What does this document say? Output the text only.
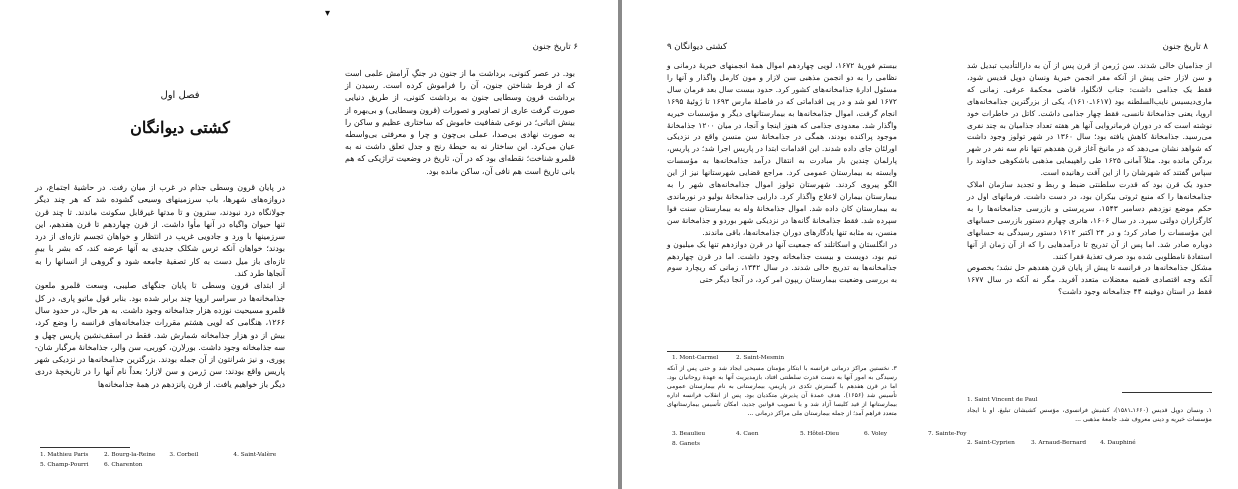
۶ تاریخ جنون
▾
بود. در عصر کنونی، برداشت ما از جنون در جنگِ آرامش علمی است که از فرط شناختن جنون، آن را فراموش کرده است. رسیدن از برداشت قرون وسطایی جنون به برداشت کنونی، از طریق دنیایی صورت گرفت عاری از تصاویر و تصورات (قرون وسطایی) و بی‌بهره از بینش اثباتی؛ در نوعی شفافیت خاموش که ساختاری عظیم و ساکن را به صورت نهادی بی‌صدا، عملی بی‌چون و چرا و معرفتی بی‌واسطه عیان می‌کرد. این ساختار نه به حیطهٔ رنج و جدل تعلق داشت نه به قلمرو شناخت؛ نقطه‌ای بود که در آن، تاریخ در وضعیت تراژیکی که هم بانی تاریخ است هم نافی آن، ساکن مانده بود.
فصل اول
کشتی دیوانگان
در پایان قرون وسطی جذام در غرب از میان رفت. در حاشیهٔ اجتماع، در دروازه‌های شهرها، باب سرزمینهای وسیعی گشوده شد که هر چند دیگر جولانگاه درد نبودند، سترون و تا مدتها غیرقابل سکونت ماندند. تا چند قرن تنها حیوان واگیاه در آنها مأوا داشت. از قرن چهاردهم تا قرن هفدهم، این سرزمینها با ورد و جادویی غریب در انتظار و خواهان تجسم تازه‌ای از درد بودند؛ خواهان آنکه ترس شکلک جدیدی به آنها عرضه کند، که بشر با بیمِ تازه‌ای باز میل دست به کار تصفیهٔ جامعه شود و گروهی از انسانها را به آنجاها طرد کند.
از ابتدای قرون وسطی تا پایان جنگهای صلیبی، وسعت قلمرو ملعون جذامخانه‌ها در سراسر اروپا چند برابر شده بود. بنابر قول ماتیو پاری، در کل قلمرو مسیحیت نوزده هزار جذامخانه وجود داشت. به هر حال، در حدود سال ۱۲۶۶، هنگامی که لویی هشتم مقررات جذامخانه‌های فرانسه را وضع کرد، بیش از دو هزار جذامخانه شمارش شد. فقط در اسقف‌نشین پاریس چهل و سه جذامخانه وجود داشت. بورلارن، کوربی، سن والر، جذامخانهٔ مرگبار شان-پوری، و نیز شرانتون از آن جمله بودند. بزرگترین جذامخانه‌ها در نزدیکی شهر پاریس واقع بودند: سن ژرمن و سن لازار؛ بعداً نام آنها را در تاریخچهٔ دردی دیگر باز خواهیم یافت. از قرن پانزدهم در همهٔ جذامخانه‌ها
1. Mathieu Paris	2. Bourg-la-Reine 3. Corbeil	4. Saint-Valère
5. Champ-Pourri	6. Charenton
کشتی دیوانگان ۹	۸ تاریخ جنون
بیستم فوریهٔ ۱۶۷۲، لویی چهاردهم اموال همهٔ انجمنهای خیریهٔ درمانی و نظامی را به دو انجمن مذهبی سن لازار و مون کارمل واگذار و آنها را مسئول ادارهٔ جذامخانه‌های کشور کرد. حدود بیست سال بعد فرمان سال ۱۶۷۲ لغو شد و در پی اقداماتی که در فاصلهٔ مارس ۱۶۹۳ تا ژوئیهٔ ۱۶۹۵ انجام گرفت، اموال جذامخانه‌ها به بیمارستانهای دیگر و مؤسسات خیریه واگذار شد. معدودی جذامی که هنوز اینجا و آنجا، در میان ۱۲۰۰ جذامخانهٔ موجود پراکنده بودند، همگی در جذامخانهٔ سن منسن واقع در نزدیکی اورلئان جای داده شدند. این اقدامات ابتدا در پاریس اجرا شد؛ در پاریس، پارلمان چندین بار مبادرت به انتقال درآمد جذامخانه‌ها به مؤسسات وابسته به بیمارستان عمومی کرد. مراجع قضایی شهرستانها نیز از این الگو پیروی کردند. شهرستان تولوز اموال جذامخانه‌های شهر را به بیمارستان بیماران لاعلاج واگذار کرد. دارایی جذامخانهٔ بولیو در نورماندی به بیمارستان کان داده شد. اموال جذامخانهٔ وله به بیمارستان سنت فوا سپرده شد. فقط جذامخانهٔ گانه‌ها در نزدیکی شهر بوردو و جذامخانهٔ سن منسن، به مثابه تنها یادگارهای دوران جذامخانه‌ها، باقی ماندند.
در انگلستان و اسکاتلند که جمعیت آنها در قرن دوازدهم تنها یک میلیون و نیم بود، دویست و بیست جذامخانه وجود داشت. اما در قرن چهاردهم جذامخانه‌ها به تدریج خالی شدند. در سال ۱۳۴۲، زمانی که ریچارد سوم به بررسی وضعیت بیمارستان ریپون امر کرد، در آنجا دیگر حتی
از جذامیان خالی شدند. سن ژرمن از قرن پس از آن به دارالتأدیب تبدیل شد و سن لازار حتی پیش از آنکه مقر انجمن خیریهٔ ونسان دوپل قدیس شود، فقط یک جذامی داشت: جناب لانگلوا، قاضی محکمهٔ عرفی. زمانی که ماری‌دیسیس نایب‌السلطنه بود (۱۶۱۷ـ۱۶۱۰)، یکی از بزرگترین جذامخانه‌های اروپا، یعنی جذامخانهٔ نانسی، فقط چهار جذامی داشت. کاتل در خاطرات خود نوشته است که در دوران فرمانروایی آنها هر هفته تعداد جذامیان به چند نفری می‌رسید. جذامخانهٔ کاهش یافته بود؛ سال ۱۳۶۰ در شهر تولوز وجود داشت که شواهد نشان می‌دهد که در مانیخ آغاز قرن هفدهم تنها نام سه نفر در شهر بردگن مانده بود. مثلاً آمانی ۱۶۲۵ طی راهپیمایی مذهبی باشکوهی خداوند را سپاس گفتند که شهرشان را از این آفت رهانیده است.
حدود یک قرن بود که قدرت سلطنتی ضبط و ربط و تجدید سازمان املاک جذامخانه‌ها را که منبع ثروتی بیکران بود، در دست داشت. فرمانهای اول در حکم موضع نوزدهم دسامبر ۱۵۴۳، سرپرستی و بازرسی جذامخانه‌ها را به کارگزاران دولتی سپرد. در سال ۱۶۰۶، هانری چهارم دستور بازرسی حسابهای این مؤسسات را صادر کرد؛ و در ۲۴ اکتبر ۱۶۱۲ دستور رسیدگی به حسابهای دوباره صادر شد. اما پس از آن تدریج تا درآمدهایی را که از آن زمان از آنها استفادهٔ نامطلوبی شده بود صرف تغذیهٔ فقرا کنند.
مشکل جذامخانه‌ها در فرانسه تا پیش از پایان قرن هفدهم حل نشد؛ بخصوص آنکه وجه اقتصادی قضیه معضلات متعدد آفرید. مگر نه آنکه در سال ۱۶۷۷ فقط در استان دوفینه ۴۴ جذامخانه وجود داشت؟
1. Mont-Carmel	2. Saint-Mesmin
۳. نخستین مراکز درمانی فرانسه با ابتکار مؤمنان مسیحی ایجاد شد و حتی پس از آنکه رسیدگی به امور آنها به دست قدرت سلطنتی افتاد، بازمدیریت آنها به عهدهٔ روحانیان بود. اما در قرن هفدهم با گسترش تکدی در پاریس، بیمارستانی به نام بیمارستان عمومی تأسیس شد (۱۶۵۶). هدف عمدهٔ آن پذیرش متکدیان بود. پس از انقلاب فرانسه اداره بیمارستانها از قید کلیسا آزاد شد و با تصویب قوانین جدید، امکان تأسیس بیمارستانهای متعدد فراهم آمد؛ از جمله بیمارستان ملی مراکز درمانی ...
3. Beaulieu	4. Caen	5. Hôtel-Dieu	6. Voley	7. Sainte-Foy
8. Ganets
1. Saint Vincent de Paul
۱. ونسان دوپل قدیس (۱۶۶۰ـ۱۵۸۱)، کشیش فرانسوی، مؤسس کشیشان تبلیغ. او با ایجاد مؤسسات خیریه و دینی معروف شد. جامعهٔ مذهبی ...
2. Saint-Cyprien	3. Arnaud-Bernard 4. Dauphiné
